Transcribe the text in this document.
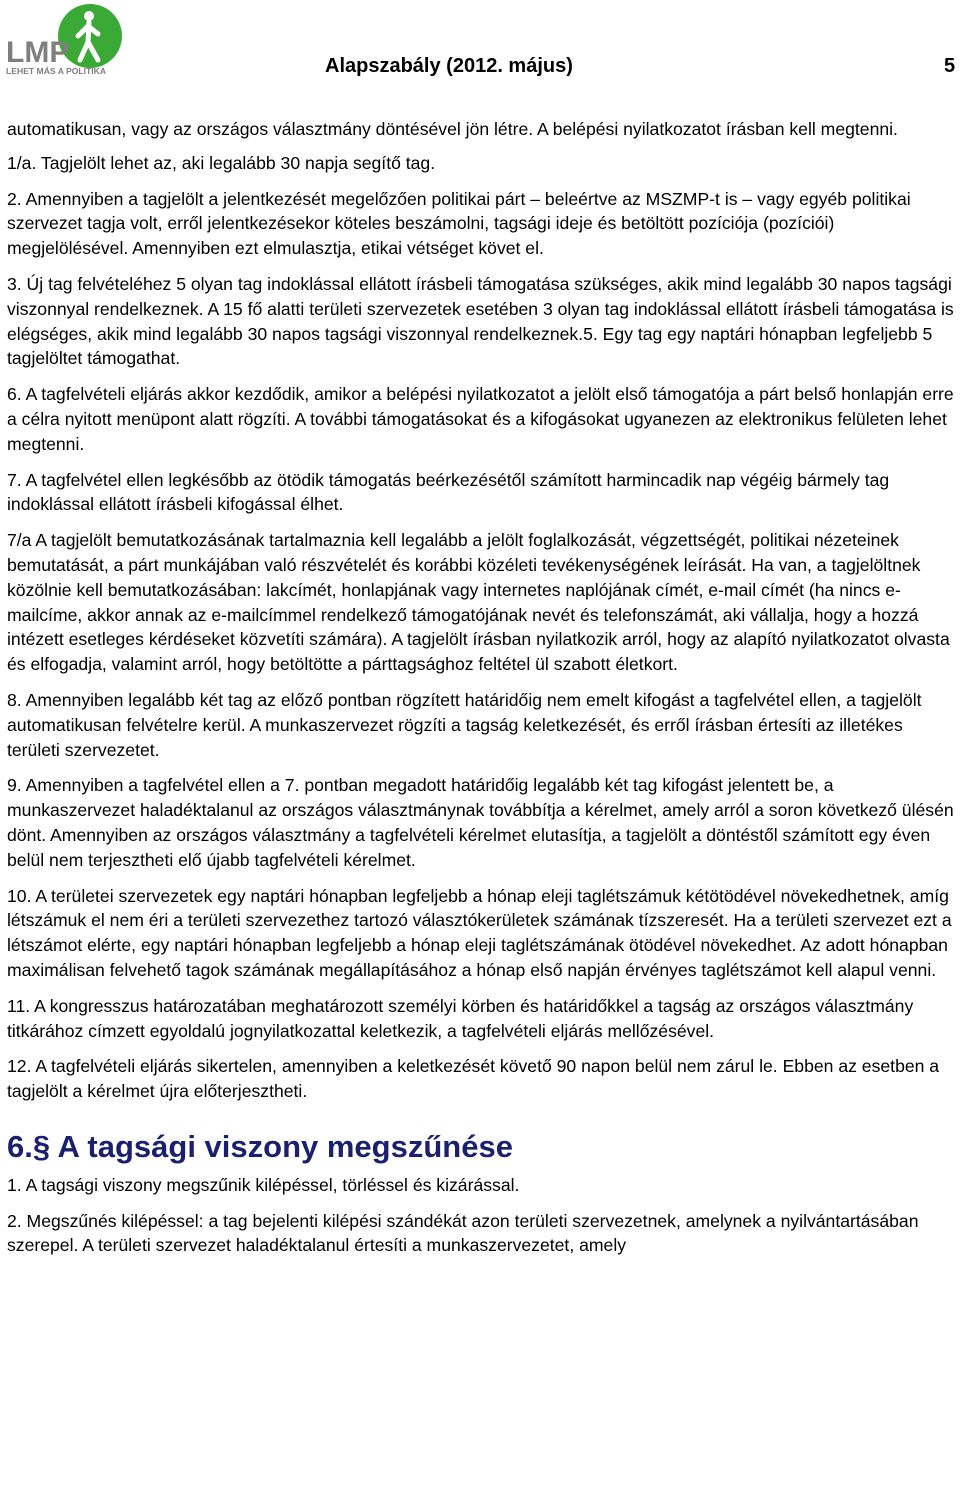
LMP
LEHET MÁS A POLITIKA	Alapszabály (2012. május)	5

automatikusan, vagy az országos választmány döntésével jön létre. A belépési nyilatkozatot írásban kell megtenni.

1/a. Tagjelölt lehet az, aki legalább 30 napja segítő tag.

2. Amennyiben a tagjelölt a jelentkezését megelőzően politikai párt – beleértve az MSZMP-t is – vagy egyéb politikai szervezet tagja volt, erről jelentkezésekor köteles beszámolni, tagsági ideje és betöltött pozíciója (pozíciói) megjelölésével. Amennyiben ezt elmulasztja, etikai vétséget követ el.

3. Új tag felvételéhez 5 olyan tag indoklással ellátott írásbeli támogatása szükséges, akik mind legalább 30 napos tagsági viszonnyal rendelkeznek. A 15 fő alatti területi szervezetek esetében 3 olyan tag indoklással ellátott írásbeli támogatása is elégséges, akik mind legalább 30 napos tagsági viszonnyal rendelkeznek.5. Egy tag egy naptári hónapban legfeljebb 5 tagjelöltet támogathat.

6. A tagfelvételi eljárás akkor kezdődik, amikor a belépési nyilatkozatot a jelölt első támogatója a párt belső honlapján erre a célra nyitott menüpont alatt rögzíti. A további támogatásokat és a kifogásokat ugyanezen az elektronikus felületen lehet megtenni.

7. A tagfelvétel ellen legkésőbb az ötödik támogatás beérkezésétől számított harmincadik nap végéig bármely tag indoklással ellátott írásbeli kifogással élhet.

7/a A tagjelölt bemutatkozásának tartalmaznia kell legalább a jelölt foglalkozását, végzettségét, politikai nézeteinek bemutatását, a párt munkájában való részvételét és korábbi közéleti tevékenységének leírását. Ha van, a tagjelöltnek közölnie kell bemutatkozásában: lakcímét, honlapjának vagy internetes naplójának címét, e-mail címét (ha nincs e-mailcíme, akkor annak az e-mailcímmel rendelkező támogatójának nevét és telefonszámát, aki vállalja, hogy a hozzá intézett esetleges kérdéseket közvetíti számára). A tagjelölt írásban nyilatkozik arról, hogy az alapító nyilatkozatot olvasta és elfogadja, valamint arról, hogy betöltötte a párttagsághoz feltétel ül szabott életkort.

8. Amennyiben legalább két tag az előző pontban rögzített határidőig nem emelt kifogást a tagfelvétel ellen, a tagjelölt automatikusan felvételre kerül. A munkaszervezet rögzíti a tagság keletkezését, és erről írásban értesíti az illetékes területi szervezetet.

9. Amennyiben a tagfelvétel ellen a 7. pontban megadott határidőig legalább két tag kifogást jelentett be, a munkaszervezet haladéktalanul az országos választmánynak továbbítja a kérelmet, amely arról a soron következő ülésén dönt. Amennyiben az országos választmány a tagfelvételi kérelmet elutasítja, a tagjelölt a döntéstől számított egy éven belül nem terjesztheti elő újabb tagfelvételi kérelmet.

10. A területei szervezetek egy naptári hónapban legfeljebb a hónap eleji taglétszámuk kétötödével növekedhetnek, amíg létszámuk el nem éri a területi szervezethez tartozó választókerületek számának tízszeresét. Ha a területi szervezet ezt a létszámot elérte, egy naptári hónapban legfeljebb a hónap eleji taglétszámának ötödével növekedhet. Az adott hónapban maximálisan felvehető tagok számának megállapításához a hónap első napján érvényes taglétszámot kell alapul venni.

11. A kongresszus határozatában meghatározott személyi körben és határidőkkel a tagság az országos választmány titkárához címzett egyoldalú jognyilatkozattal keletkezik, a tagfelvételi eljárás mellőzésével.

12. A tagfelvételi eljárás sikertelen, amennyiben a keletkezését követő 90 napon belül nem zárul le. Ebben az esetben a tagjelölt a kérelmet újra előterjesztheti.

6.§ A tagsági viszony megszűnése

1. A tagsági viszony megszűnik kilépéssel, törléssel és kizárással.

2. Megszűnés kilépéssel: a tag bejelenti kilépési szándékát azon területi szervezetnek, amelynek a nyilvántartásában szerepel. A területi szervezet haladéktalanul értesíti a munkaszervezetet, amely
